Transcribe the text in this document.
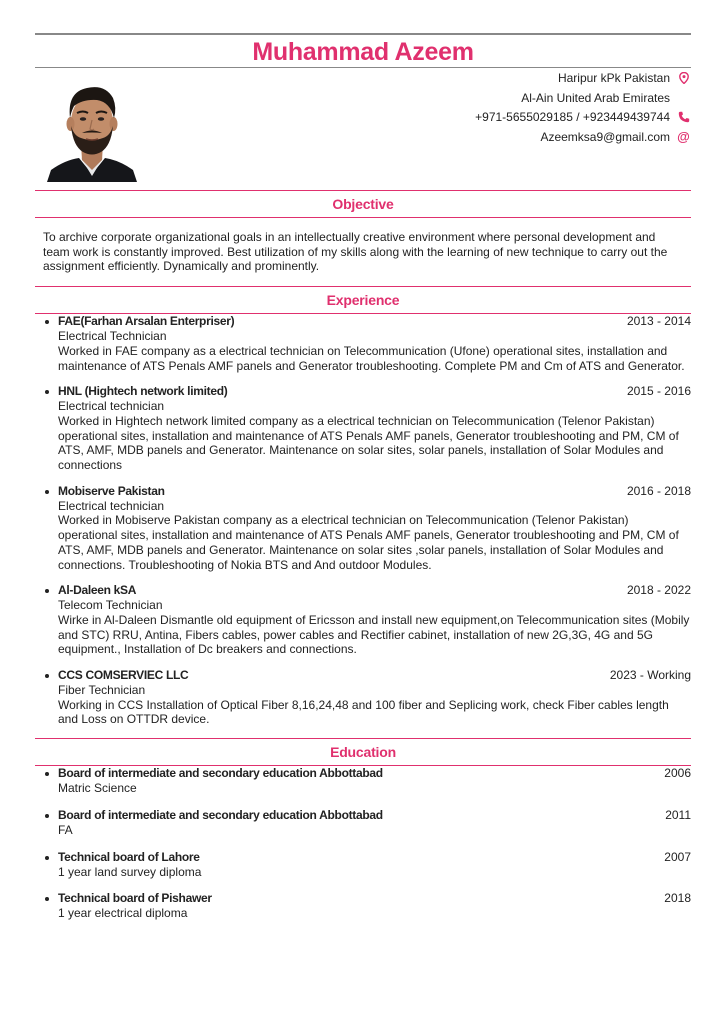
Muhammad Azeem
Haripur kPk Pakistan
Al-Ain United Arab Emirates
+971-5655029185 / +923449439744
Azeemksa9@gmail.com @
Objective
To archive corporate organizational goals in an intellectually creative environment where personal development and team work is constantly improved. Best utilization of my skills along with the learning of new technique to carry out the assignment efficiently. Dynamically and prominently.
Experience
FAE(Farhan Arsalan Enterpriser)	2013 - 2014
Electrical Technician
Worked in FAE company as a electrical technician on Telecommunication (Ufone) operational sites, installation and maintenance of ATS Penals AMF panels and Generator troubleshooting. Complete PM and Cm of ATS and Generator.
HNL (Hightech network limited)	2015 - 2016
Electrical technician
Worked in Hightech network limited company as a electrical technician on Telecommunication (Telenor Pakistan) operational sites, installation and maintenance of ATS Penals AMF panels, Generator troubleshooting and PM, CM of ATS, AMF, MDB panels and Generator. Maintenance on solar sites, solar panels, installation of Solar Modules and connections
Mobiserve Pakistan	2016 - 2018
Electrical technician
Worked in Mobiserve Pakistan company as a electrical technician on Telecommunication (Telenor Pakistan) operational sites, installation and maintenance of ATS Penals AMF panels, Generator troubleshooting and PM, CM of ATS, AMF, MDB panels and Generator. Maintenance on solar sites ,solar panels, installation of Solar Modules and connections. Troubleshooting of Nokia BTS and And outdoor Modules.
Al-Daleen kSA	2018 - 2022
Telecom Technician
Wirke in Al-Daleen Dismantle old equipment of Ericsson and install new equipment,on Telecommunication sites (Mobily and STC) RRU, Antina, Fibers cables, power cables and Rectifier cabinet, installation of new 2G,3G, 4G and 5G equipment., Installation of Dc breakers and connections.
CCS COMSERVIEC LLC	2023 - Working
Fiber Technician
Working in CCS Installation of Optical Fiber 8,16,24,48 and 100 fiber and Seplicing work, check Fiber cables length and Loss on OTTDR device.
Education
Board of intermediate and secondary education Abbottabad	2006
Matric Science
Board of intermediate and secondary education Abbottabad	2011
FA
Technical board of Lahore	2007
1 year land survey diploma
Technical board of Pishawer	2018
1 year electrical diploma
